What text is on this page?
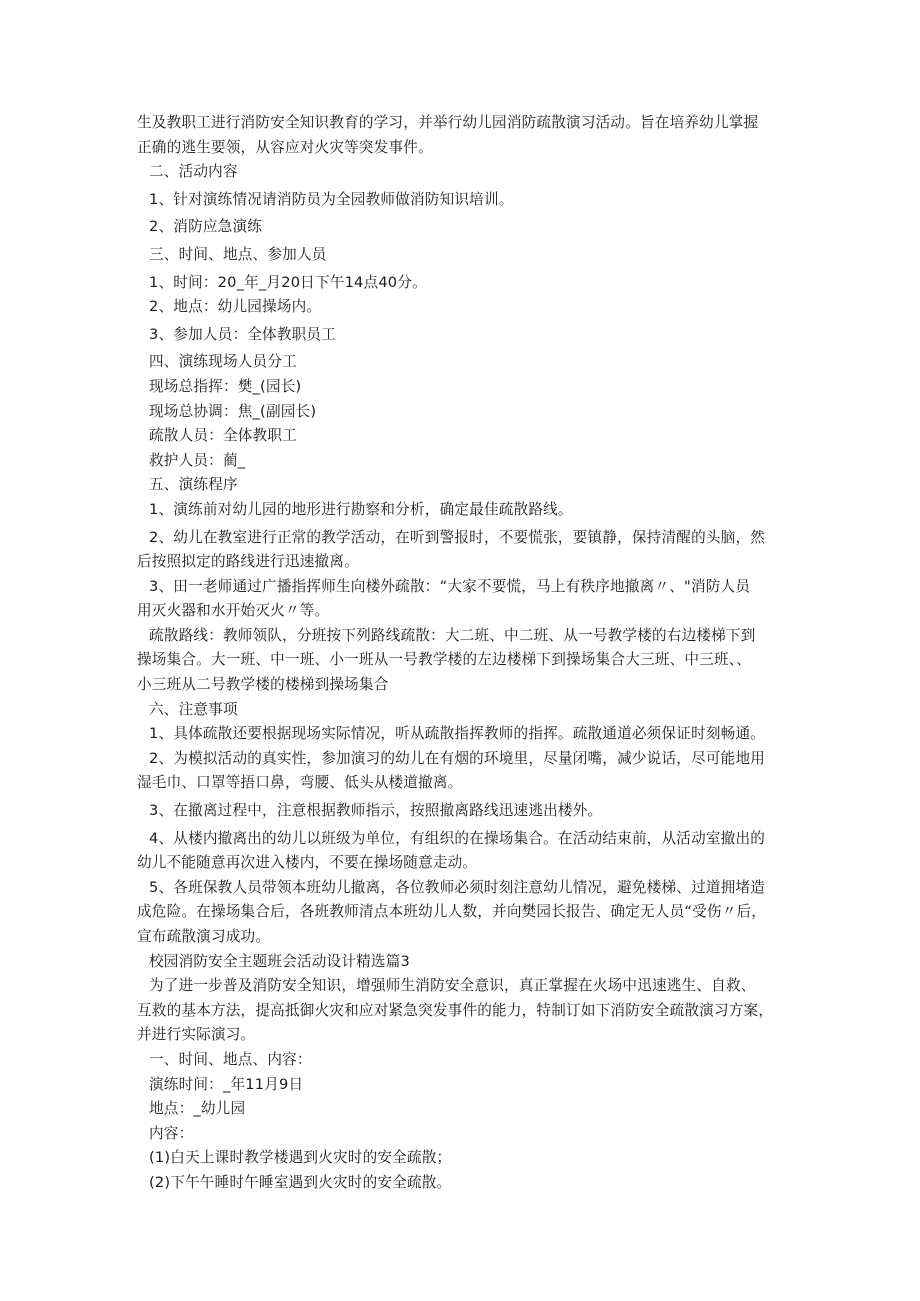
生及教职工进行消防安全知识教育的学习，并举行幼儿园消防疏散演习活动。旨在培养幼儿掌握
正确的逃生要领，从容应对火灾等突发事件。
二、活动内容
1、针对演练情况请消防员为全园教师做消防知识培训。
2、消防应急演练
三、时间、地点、参加人员
1、时间：20_年_月20日下午14点40分。
2、地点：幼儿园操场内。
3、参加人员：全体教职员工
四、演练现场人员分工
现场总指挥：樊_(园长)
现场总协调：焦_(副园长)
疏散人员：全体教职工
救护人员：蔺_
五、演练程序
1、演练前对幼儿园的地形进行勘察和分析，确定最佳疏散路线。
2、幼儿在教室进行正常的教学活动，在听到警报时，不要慌张，要镇静，保持清醒的头脑，然
后按照拟定的路线进行迅速撤离。
3、田一老师通过广播指挥师生向楼外疏散：“大家不要慌，马上有秩序地撤离〃、"消防人员
用灭火器和水开始灭火〃等。
疏散路线：教师领队，分班按下列路线疏散：大二班、中二班、从一号教学楼的右边楼梯下到
操场集合。大一班、中一班、小一班从一号教学楼的左边楼梯下到操场集合大三班、中三班、、
小三班从二号教学楼的楼梯到操场集合
六、注意事项
1、具体疏散还要根据现场实际情况，听从疏散指挥教师的指挥。疏散通道必须保证时刻畅通。
2、为模拟活动的真实性，参加演习的幼儿在有烟的环境里，尽量闭嘴，减少说话，尽可能地用
湿毛巾、口罩等捂口鼻，弯腰、低头从楼道撤离。
3、在撤离过程中，注意根据教师指示，按照撤离路线迅速逃出楼外。
4、从楼内撤离出的幼儿以班级为单位，有组织的在操场集合。在活动结束前，从活动室撤出的
幼儿不能随意再次进入楼内，不要在操场随意走动。
5、各班保教人员带领本班幼儿撤离，各位教师必须时刻注意幼儿情况，避免楼梯、过道拥堵造
成危险。在操场集合后，各班教师清点本班幼儿人数，并向樊园长报告、确定无人员“受伤〃后，
宣布疏散演习成功。
校园消防安全主题班会活动设计精选篇3
为了进一步普及消防安全知识，增强师生消防安全意识，真正掌握在火场中迅速逃生、自救、
互救的基本方法，提高抵御火灾和应对紧急突发事件的能力，特制订如下消防安全疏散演习方案，
并进行实际演习。
一、时间、地点、内容：
演练时间：_年11月9日
地点：_幼儿园
内容：
(1)白天上课时教学楼遇到火灾时的安全疏散；
(2)下午午睡时午睡室遇到火灾时的安全疏散。
